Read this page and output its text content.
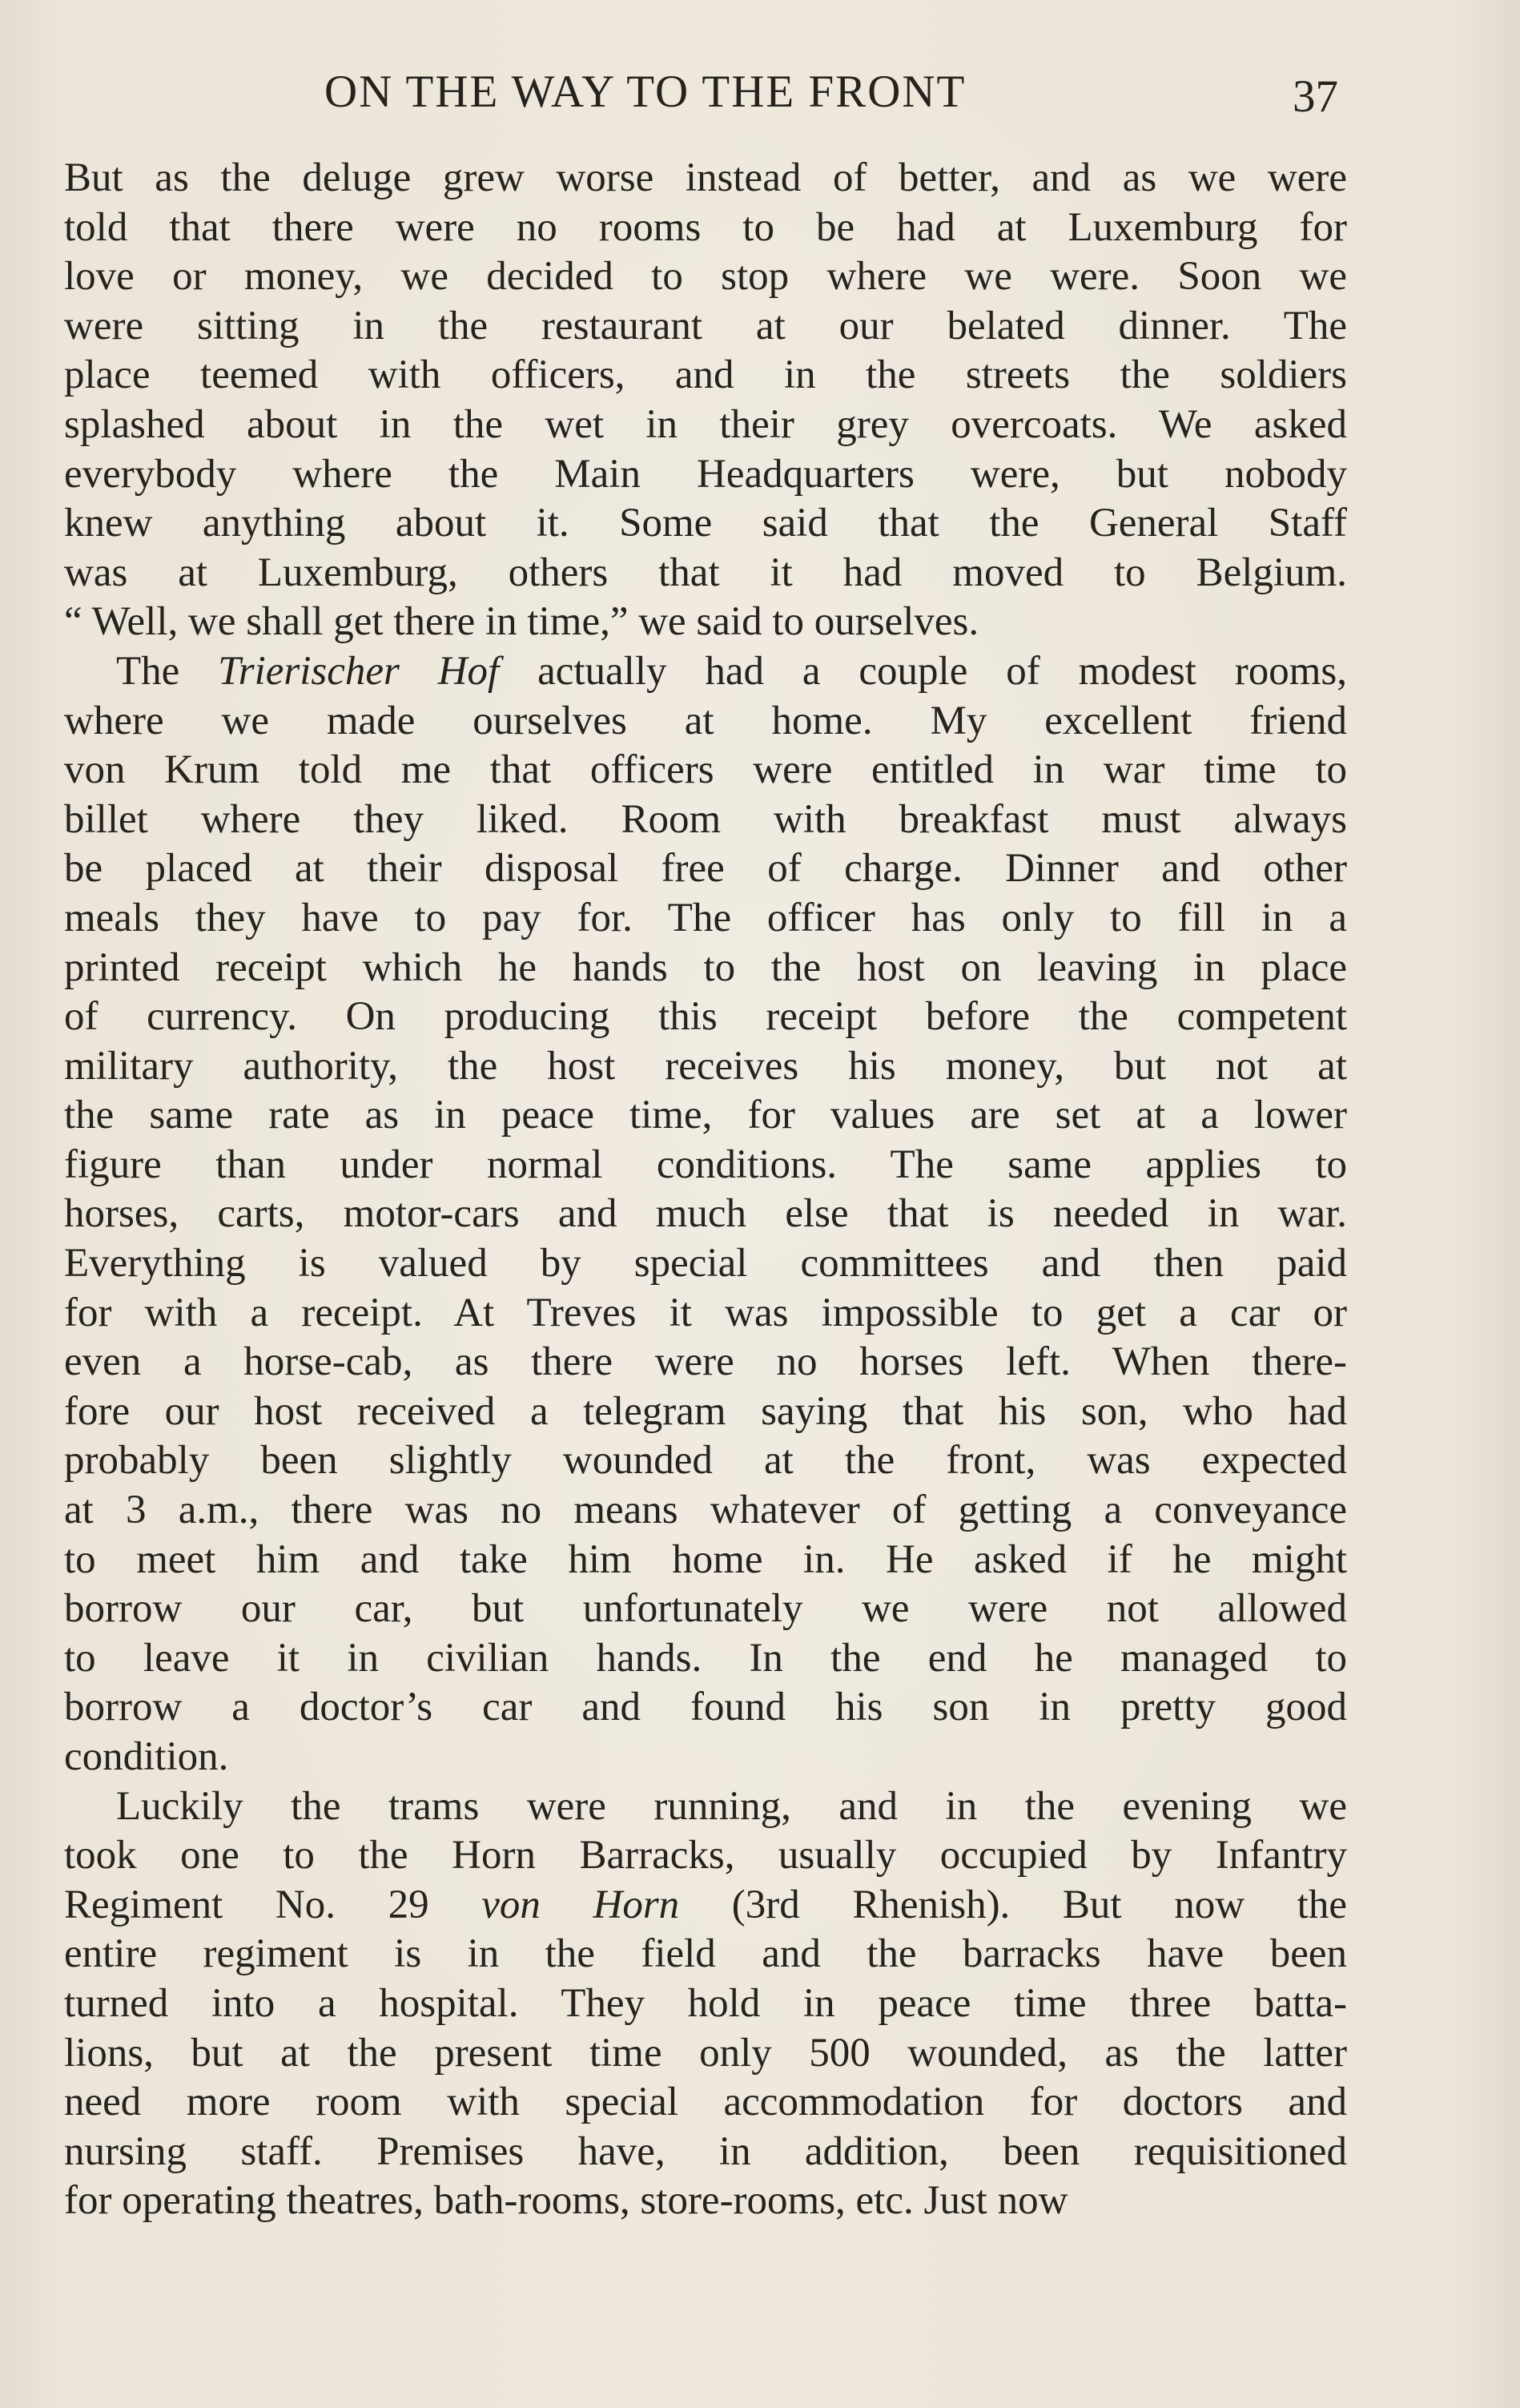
ON THE WAY TO THE FRONT	37
But as the deluge grew worse instead of better, and as we were
told that there were no rooms to be had at Luxemburg for
love or money, we decided to stop where we were. Soon we
were sitting in the restaurant at our belated dinner. The
place teemed with officers, and in the streets the soldiers
splashed about in the wet in their grey overcoats. We asked
everybody where the Main Headquarters were, but nobody
knew anything about it. Some said that the General Staff
was at Luxemburg, others that it had moved to Belgium.
“ Well, we shall get there in time,” we said to ourselves.
The Trierischer Hof actually had a couple of modest rooms,
where we made ourselves at home. My excellent friend
von Krum told me that officers were entitled in war time to
billet where they liked. Room with breakfast must always
be placed at their disposal free of charge. Dinner and other
meals they have to pay for. The officer has only to fill in a
printed receipt which he hands to the host on leaving in place
of currency. On producing this receipt before the competent
military authority, the host receives his money, but not at
the same rate as in peace time, for values are set at a lower
figure than under normal conditions. The same applies to
horses, carts, motor-cars and much else that is needed in war.
Everything is valued by special committees and then paid
for with a receipt. At Treves it was impossible to get a car or
even a horse-cab, as there were no horses left. When there-
fore our host received a telegram saying that his son, who had
probably been slightly wounded at the front, was expected
at 3 a.m., there was no means whatever of getting a conveyance
to meet him and take him home in. He asked if he might
borrow our car, but unfortunately we were not allowed
to leave it in civilian hands. In the end he managed to
borrow a doctor’s car and found his son in pretty good
condition.
Luckily the trams were running, and in the evening we
took one to the Horn Barracks, usually occupied by Infantry
Regiment No. 29 von Horn (3rd Rhenish). But now the
entire regiment is in the field and the barracks have been
turned into a hospital. They hold in peace time three batta-
lions, but at the present time only 500 wounded, as the latter
need more room with special accommodation for doctors and
nursing staff. Premises have, in addition, been requisitioned
for operating theatres, bath-rooms, store-rooms, etc. Just now
